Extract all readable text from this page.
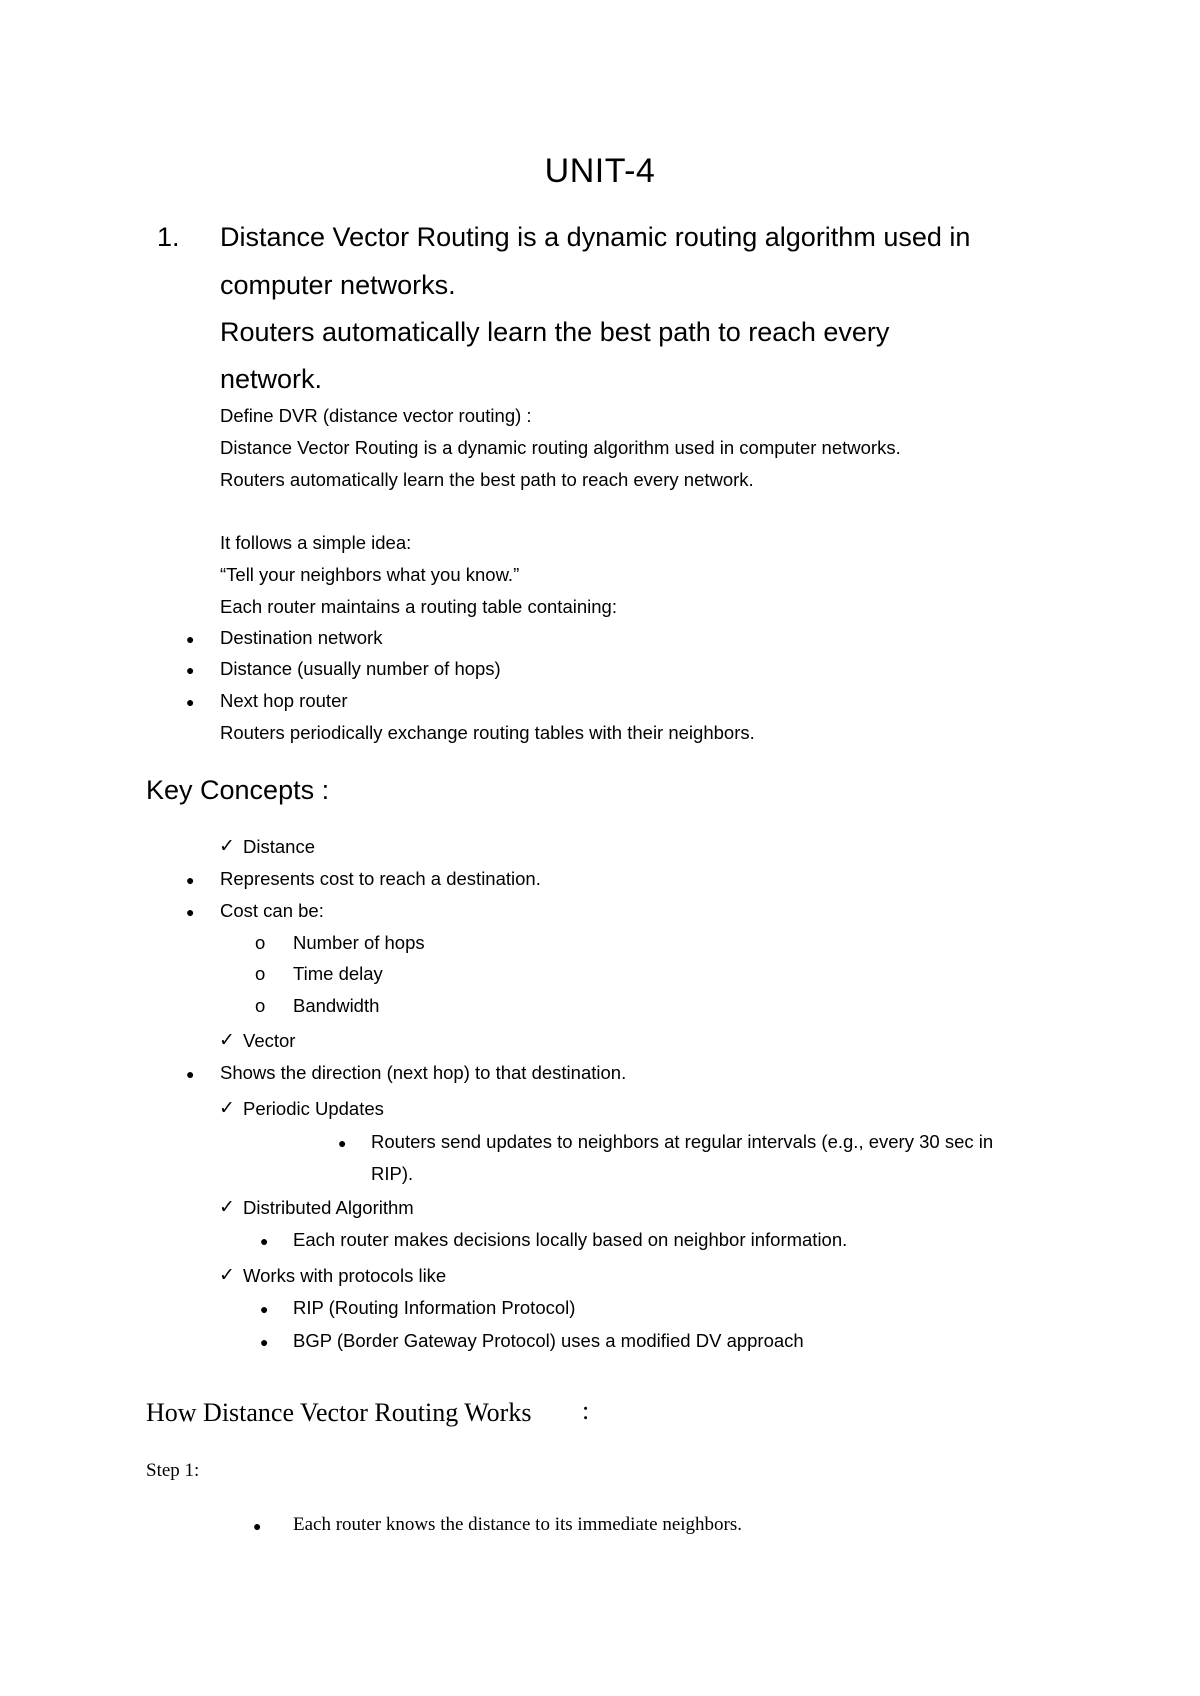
UNIT-4
1. Distance Vector Routing is a dynamic routing algorithm used in
computer networks.
Routers automatically learn the best path to reach every
network.
Define DVR (distance vector routing) :
Distance Vector Routing is a dynamic routing algorithm used in computer networks.
Routers automatically learn the best path to reach every network.
It follows a simple idea:
“Tell your neighbors what you know.”
Each router maintains a routing table containing:
● Destination network
● Distance (usually number of hops)
● Next hop router
Routers periodically exchange routing tables with their neighbors.
Key Concepts :
✓ Distance
● Represents cost to reach a destination.
● Cost can be:
o Number of hops
o Time delay
o Bandwidth
✓ Vector
● Shows the direction (next hop) to that destination.
✓ Periodic Updates
● Routers send updates to neighbors at regular intervals (e.g., every 30 sec in
RIP).
✓ Distributed Algorithm
● Each router makes decisions locally based on neighbor information.
✓ Works with protocols like
● RIP (Routing Information Protocol)
● BGP (Border Gateway Protocol) uses a modified DV approach
How Distance Vector Routing Works :
Step 1:
● Each router knows the distance to its immediate neighbors.
